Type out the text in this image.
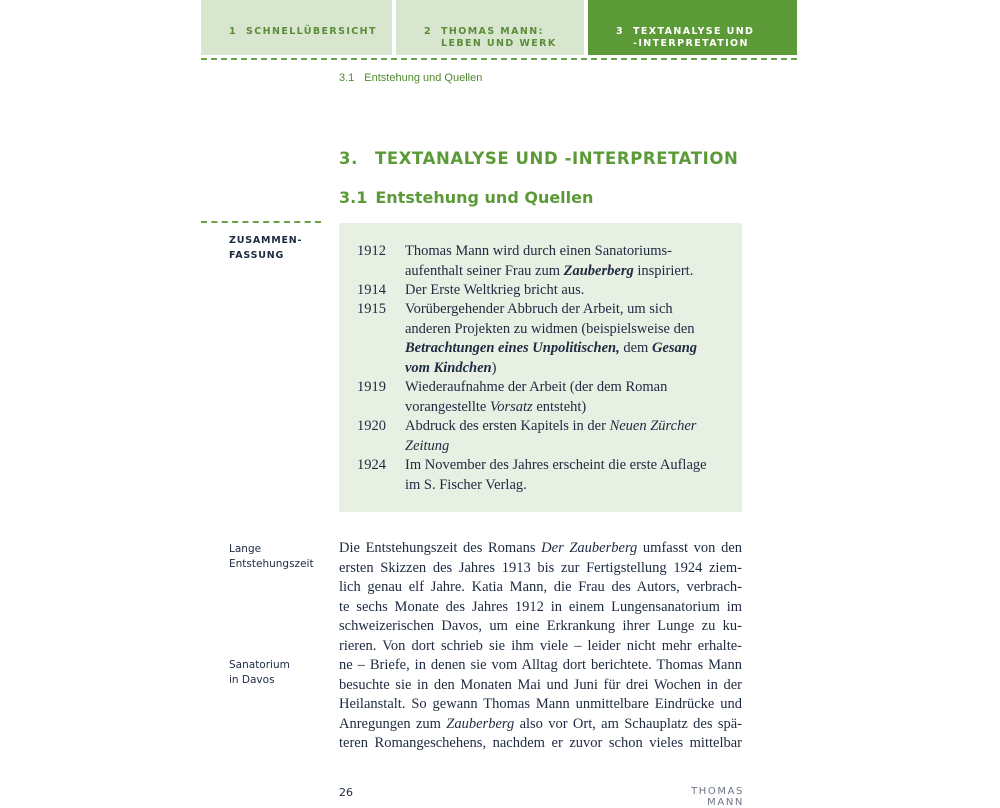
1 SCHNELLÜBERSICHT	2 THOMAS MANN:
LEBEN UND WERK
3 TEXTANALYSE UND
-INTERPRETATION
3.1 Entstehung und Quellen
3. TEXTANALYSE UND -INTERPRETATION
3.1 Entstehung und Quellen
ZUSAMMEN-
FASSUNG	1912	Thomas Mann wird durch einen Sanatoriums-
aufenthalt seiner Frau zum Zauberberg inspiriert.
1914	Der Erste Weltkrieg bricht aus.
1915	Vorübergehender Abbruch der Arbeit, um sich
anderen Projekten zu widmen (beispielsweise den
Betrachtungen eines Unpolitischen, dem Gesang
vom Kindchen)
1919	Wiederaufnahme der Arbeit (der dem Roman
vorangestellte Vorsatz entsteht)
1920	Abdruck des ersten Kapitels in der Neuen Zürcher
Zeitung
1924	Im November des Jahres erscheint die erste Auflage
im S. Fischer Verlag.
Lange
Entstehungszeit
Sanatorium
in Davos
Die Entstehungszeit des Romans Der Zauberberg umfasst von den
ersten Skizzen des Jahres 1913 bis zur Fertigstellung 1924 ziem-
lich genau elf Jahre. Katia Mann, die Frau des Autors, verbrach-
te sechs Monate des Jahres 1912 in einem Lungensanatorium im
schweizerischen Davos, um eine Erkrankung ihrer Lunge zu ku-
rieren. Von dort schrieb sie ihm viele – leider nicht mehr erhalte-
ne – Briefe, in denen sie vom Alltag dort berichtete. Thomas Mann
besuchte sie in den Monaten Mai und Juni für drei Wochen in der
Heilanstalt. So gewann Thomas Mann unmittelbare Eindrücke und
Anregungen zum Zauberberg also vor Ort, am Schauplatz des spä-
teren Romangeschehens, nachdem er zuvor schon vieles mittelbar
26	THOMAS MANN
